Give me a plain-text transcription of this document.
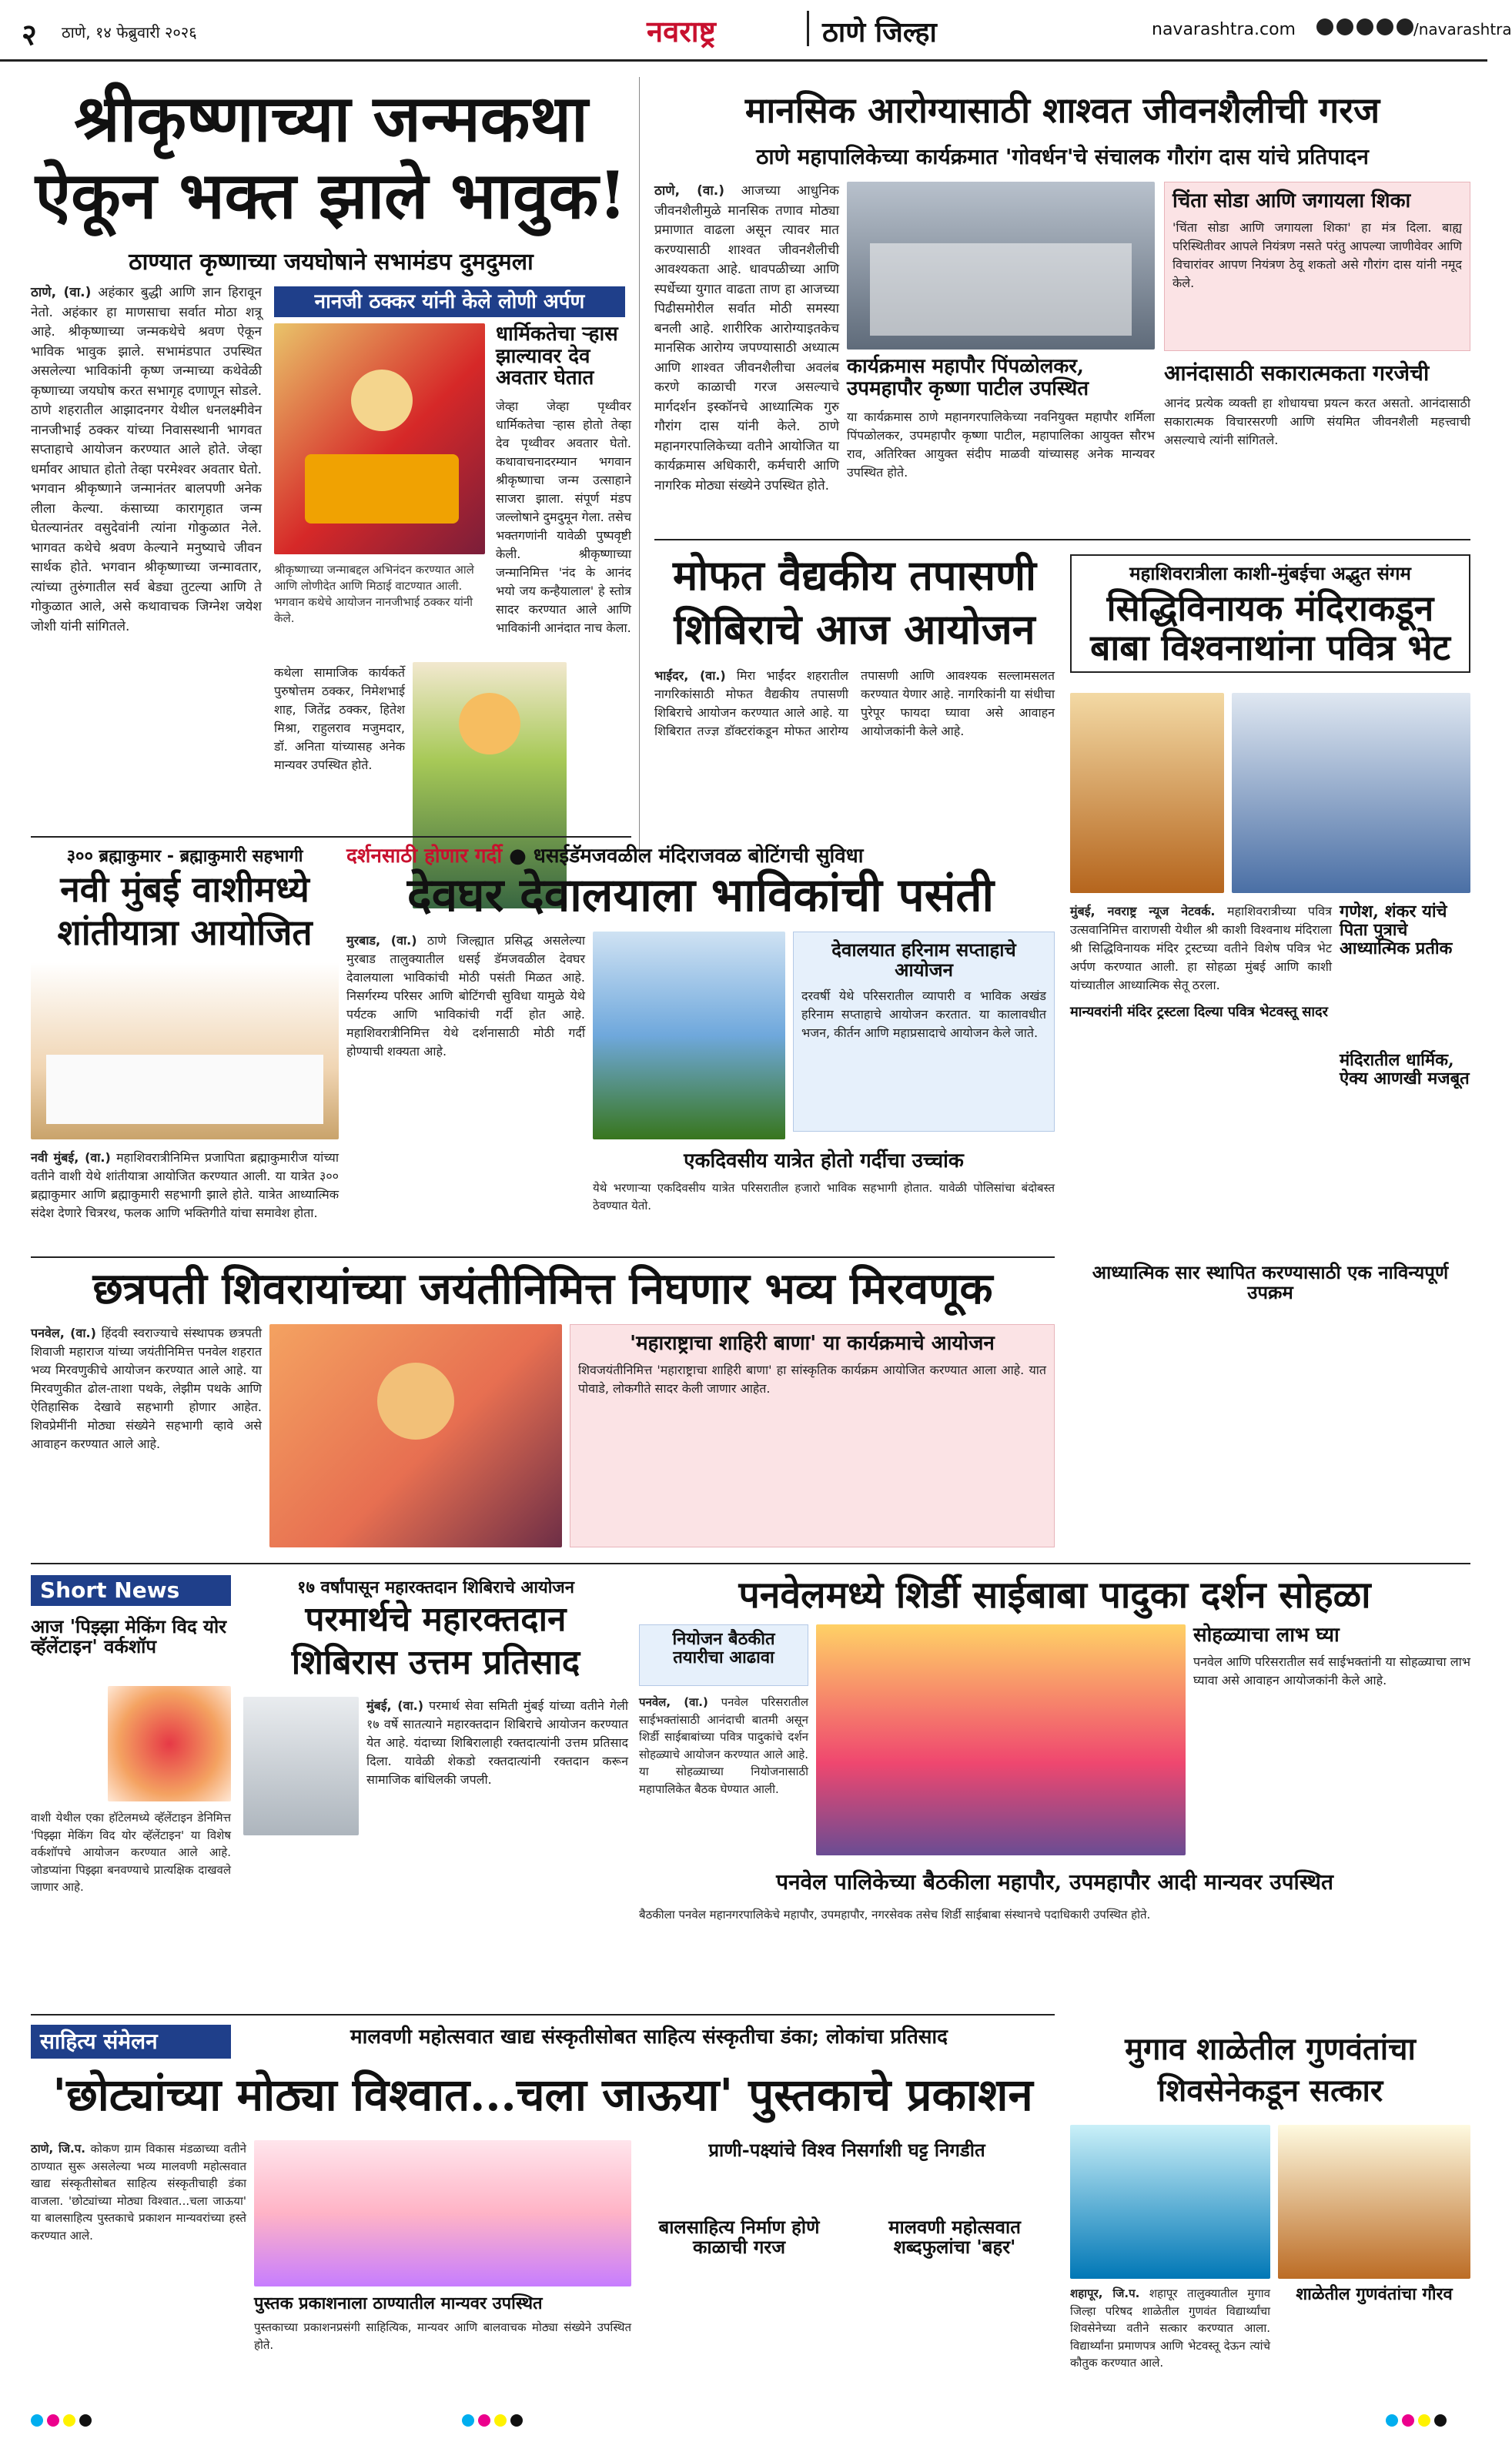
२ ठाणे, १४ फेब्रुवारी २०२६	नवराष्ट्र	ठाणे जिल्हा	navarashtra.com	/navarashtra
श्रीकृष्णाच्या जन्मकथा
ऐकून भक्त झाले भावुक!
ठाण्यात कृष्णाच्या जयघोषाने सभामंडप दुमदुमला

ठाणे, (वा.) अहंकार बुद्धी आणि ज्ञान हिरावून नेतो. अहंकार हा माणसाचा सर्वात मोठा शत्रू आहे. श्रीकृष्णाच्या जन्मकथेचे श्रवण ऐकून भाविक भावुक झाले. सभामंडपात उपस्थित असलेल्या भाविकांनी कृष्ण जन्माच्या कथेवेळी कृष्णाच्या जयघोष करत सभागृह दणाणून सोडले. ठाणे शहरातील आझादनगर येथील धनलक्ष्मीवेन नानजीभाई ठक्कर यांच्या निवासस्थानी भागवत सप्ताहाचे आयोजन करण्यात आले होते. जेव्हा धर्मावर आघात होतो तेव्हा परमेश्वर अवतार घेतो. भगवान श्रीकृष्णाने जन्मानंतर बालपणी अनेक लीला केल्या. कंसाच्या कारागृहात जन्म घेतल्यानंतर वसुदेवांनी त्यांना गोकुळात नेले. भागवत कथेचे श्रवण केल्याने मनुष्याचे जीवन सार्थक होते. भगवान श्रीकृष्णाच्या जन्मावतार, त्यांच्या तुरुंगातील सर्व बेड्या तुटल्या आणि ते गोकुळात आले, असे कथावाचक जिग्नेश जयेश जोशी यांनी सांगितले.

नानजी ठक्कर यांनी केले लोणी अर्पण
धार्मिकतेचा ऱ्हास झाल्यावर देव अवतार घेतात

जेव्हा जेव्हा पृथ्वीवर धार्मिकतेचा ऱ्हास होतो तेव्हा देव पृथ्वीवर अवतार घेतो. कथावाचनादरम्यान भगवान श्रीकृष्णाचा जन्म उत्साहाने साजरा झाला. संपूर्ण मंडप जल्लोषाने दुमदुमून गेला. तसेच भक्तगणांनी यावेळी पुष्पवृष्टी केली. श्रीकृष्णाच्या जन्मानिमित्त 'नंद के आनंद भयो जय कन्हैयालाल' हे स्तोत्र सादर करण्यात आले आणि भाविकांनी आनंदात नाच केला.

श्रीकृष्णाच्या जन्माबद्दल अभिनंदन करण्यात आले आणि लोणीदेत आणि मिठाई वाटण्यात आली. भगवान कथेचे आयोजन नानजीभाई ठक्कर यांनी केले.
कथेला सामाजिक कार्यकर्ते पुरुषोत्तम ठक्कर, निमेशभाई शाह, जितेंद्र ठक्कर, हितेश मिश्रा, राहुलराव मजुमदार, डॉ. अनिता यांच्यासह अनेक मान्यवर उपस्थित होते.
मानसिक आरोग्यासाठी शाश्वत जीवनशैलीची गरज
ठाणे महापालिकेच्या कार्यक्रमात 'गोवर्धन'चे संचालक गौरांग दास यांचे प्रतिपादन

ठाणे, (वा.) आजच्या आधुनिक जीवनशैलीमुळे मानसिक तणाव मोठ्या प्रमाणात वाढला असून त्यावर मात करण्यासाठी शाश्वत जीवनशैलीची आवश्यकता आहे. धावपळीच्या आणि स्पर्धेच्या युगात वाढता ताण हा आजच्या पिढीसमोरील सर्वात मोठी समस्या बनली आहे. शारीरिक आरोग्याइतकेच मानसिक आरोग्य जपण्यासाठी अध्यात्म आणि शाश्वत जीवनशैलीचा अवलंब करणे काळाची गरज असल्याचे मार्गदर्शन इस्कॉनचे आध्यात्मिक गुरु गौरांग दास यांनी केले. ठाणे महानगरपालिकेच्या वतीने आयोजित या कार्यक्रमास अधिकारी, कर्मचारी आणि नागरिक मोठ्या संख्येने उपस्थित होते.

कार्यक्रमास महापौर पिंपळोलकर, उपमहापौर कृष्णा पाटील उपस्थित
या कार्यक्रमास ठाणे महानगरपालिकेच्या नवनियुक्त महापौर शर्मिला पिंपळोलकर, उपमहापौर कृष्णा पाटील, महापालिका आयुक्त सौरभ राव, अतिरिक्त आयुक्त संदीप माळवी यांच्यासह अनेक मान्यवर उपस्थित होते.
चिंता सोडा आणि जगायला शिका

'चिंता सोडा आणि जगायला शिका' हा मंत्र दिला. बाह्य परिस्थितीवर आपले नियंत्रण नसते परंतु आपल्या जाणीवेवर आणि विचारांवर आपण नियंत्रण ठेवू शकतो असे गौरांग दास यांनी नमूद केले.

आनंदासाठी सकारात्मकता गरजेची

आनंद प्रत्येक व्यक्ती हा शोधायचा प्रयत्न करत असतो. आनंदासाठी सकारात्मक विचारसरणी आणि संयमित जीवनशैली महत्त्वाची असल्याचे त्यांनी सांगितले.

मोफत वैद्यकीय तपासणी
शिबिराचे आज आयोजन

भाईंदर, (वा.) मिरा भाईंदर शहरातील नागरिकांसाठी मोफत वैद्यकीय तपासणी शिबिराचे आयोजन करण्यात आले आहे. या शिबिरात तज्ज्ञ डॉक्टरांकडून मोफत आरोग्य तपासणी आणि आवश्यक सल्लामसलत करण्यात येणार आहे. नागरिकांनी या संधीचा पुरेपूर फायदा घ्यावा असे आवाहन आयोजकांनी केले आहे.

महाशिवरात्रीला काशी-मुंबईचा अद्भुत संगम
सिद्धिविनायक मंदिराकडून
बाबा विश्वनाथांना पवित्र भेट

मुंबई, नवराष्ट्र न्यूज नेटवर्क. महाशिवरात्रीच्या पवित्र उत्सवानिमित्त वाराणसी येथील श्री काशी विश्वनाथ मंदिराला श्री सिद्धिविनायक मंदिर ट्रस्टच्या वतीने विशेष पवित्र भेट अर्पण करण्यात आली. हा सोहळा मुंबई आणि काशी यांच्यातील आध्यात्मिक सेतू ठरला.

मान्यवरांनी मंदिर ट्रस्टला दिल्या पवित्र भेटवस्तू सादर
गणेश, शंकर यांचे पिता पुत्राचे आध्यात्मिक प्रतीक
मंदिरातील धार्मिक, ऐक्य आणखी मजबूत
आध्यात्मिक सार स्थापित करण्यासाठी एक नाविन्यपूर्ण उपक्रम
३०० ब्रह्माकुमार - ब्रह्माकुमारी सहभागी
नवी मुंबई वाशीमध्ये
शांतीयात्रा आयोजित

नवी मुंबई, (वा.) महाशिवरात्रीनिमित्त प्रजापिता ब्रह्माकुमारीज यांच्या वतीने वाशी येथे शांतीयात्रा आयोजित करण्यात आली. या यात्रेत ३०० ब्रह्माकुमार आणि ब्रह्माकुमारी सहभागी झाले होते. यात्रेत आध्यात्मिक संदेश देणारे चित्ररथ, फलक आणि भक्तिगीते यांचा समावेश होता.

दर्शनसाठी होणार गर्दी ● धसईडॅमजवळील मंदिराजवळ बोटिंगची सुविधा
देवघर देवालयाला भाविकांची पसंती

मुरबाड, (वा.) ठाणे जिल्ह्यात प्रसिद्ध असलेल्या मुरबाड तालुक्यातील धसई डॅमजवळील देवघर देवालयाला भाविकांची मोठी पसंती मिळत आहे. निसर्गरम्य परिसर आणि बोटिंगची सुविधा यामुळे येथे पर्यटक आणि भाविकांची गर्दी होत आहे. महाशिवरात्रीनिमित्त येथे दर्शनासाठी मोठी गर्दी होण्याची शक्यता आहे.

देवालयात हरिनाम सप्ताहाचे आयोजन

दरवर्षी येथे परिसरातील व्यापारी व भाविक अखंड हरिनाम सप्ताहाचे आयोजन करतात. या कालावधीत भजन, कीर्तन आणि महाप्रसादाचे आयोजन केले जाते.

एकदिवसीय यात्रेत होतो गर्दीचा उच्चांक

येथे भरणाऱ्या एकदिवसीय यात्रेत परिसरातील हजारो भाविक सहभागी होतात. यावेळी पोलिसांचा बंदोबस्त ठेवण्यात येतो.

छत्रपती शिवरायांच्या जयंतीनिमित्त निघणार भव्य मिरवणूक

पनवेल, (वा.) हिंदवी स्वराज्याचे संस्थापक छत्रपती शिवाजी महाराज यांच्या जयंतीनिमित्त पनवेल शहरात भव्य मिरवणुकीचे आयोजन करण्यात आले आहे. या मिरवणुकीत ढोल-ताशा पथके, लेझीम पथके आणि ऐतिहासिक देखावे सहभागी होणार आहेत. शिवप्रेमींनी मोठ्या संख्येने सहभागी व्हावे असे आवाहन करण्यात आले आहे.

'महाराष्ट्राचा शाहिरी बाणा' या कार्यक्रमाचे आयोजन

शिवजयंतीनिमित्त 'महाराष्ट्राचा शाहिरी बाणा' हा सांस्कृतिक कार्यक्रम आयोजित करण्यात आला आहे. यात पोवाडे, लोकगीते सादर केली जाणार आहेत.

Short News
आज 'पिझ्झा मेकिंग विद योर व्हॅलेंटाइन' वर्कशॉप

वाशी येथील एका हॉटेलमध्ये व्हॅलेंटाइन डेनिमित्त 'पिझ्झा मेकिंग विद योर व्हॅलेंटाइन' या विशेष वर्कशॉपचे आयोजन करण्यात आले आहे. जोडप्यांना पिझ्झा बनवण्याचे प्रात्यक्षिक दाखवले जाणार आहे.

१७ वर्षांपासून महारक्तदान शिबिराचे आयोजन
परमार्थचे महारक्तदान
शिबिरास उत्तम प्रतिसाद

मुंबई, (वा.) परमार्थ सेवा समिती मुंबई यांच्या वतीने गेली १७ वर्षे सातत्याने महारक्तदान शिबिराचे आयोजन करण्यात येत आहे. यंदाच्या शिबिरालाही रक्तदात्यांनी उत्तम प्रतिसाद दिला. यावेळी शेकडो रक्तदात्यांनी रक्तदान करून सामाजिक बांधिलकी जपली.

पनवेलमध्ये शिर्डी साईबाबा पादुका दर्शन सोहळा
नियोजन बैठकीत तयारीचा आढावा

पनवेल, (वा.) पनवेल परिसरातील साईभक्तांसाठी आनंदाची बातमी असून शिर्डी साईबाबांच्या पवित्र पादुकांचे दर्शन सोहळ्याचे आयोजन करण्यात आले आहे. या सोहळ्याच्या नियोजनासाठी महापालिकेत बैठक घेण्यात आली.

सोहळ्याचा लाभ घ्या

पनवेल आणि परिसरातील सर्व साईभक्तांनी या सोहळ्याचा लाभ घ्यावा असे आवाहन आयोजकांनी केले आहे.

पनवेल पालिकेच्या बैठकीला महापौर, उपमहापौर आदी मान्यवर उपस्थित

बैठकीला पनवेल महानगरपालिकेचे महापौर, उपमहापौर, नगरसेवक तसेच शिर्डी साईबाबा संस्थानचे पदाधिकारी उपस्थित होते.

साहित्य संमेलन	मालवणी महोत्सवात खाद्य संस्कृतीसोबत साहित्य संस्कृतीचा डंका; लोकांचा प्रतिसाद
'छोट्यांच्या मोठ्या विश्वात...चला जाऊया' पुस्तकाचे प्रकाशन

ठाणे, जि.प. कोकण ग्राम विकास मंडळाच्या वतीने ठाण्यात सुरू असलेल्या भव्य मालवणी महोत्सवात खाद्य संस्कृतीसोबत साहित्य संस्कृतीचाही डंका वाजला. 'छोट्यांच्या मोठ्या विश्वात...चला जाऊया' या बालसाहित्य पुस्तकाचे प्रकाशन मान्यवरांच्या हस्ते करण्यात आले.

पुस्तक प्रकाशनाला ठाण्यातील मान्यवर उपस्थित

पुस्तकाच्या प्रकाशनप्रसंगी साहित्यिक, मान्यवर आणि बालवाचक मोठ्या संख्येने उपस्थित होते.

प्राणी-पक्ष्यांचे विश्व निसर्गाशी घट्ट निगडीत
बालसाहित्य निर्माण होणे काळाची गरज
मालवणी महोत्सवात शब्दफुलांचा 'बहर'
मुगाव शाळेतील गुणवंतांचा
शिवसेनेकडून सत्कार
शाळेतील गुणवंतांचा गौरव

शहापूर, जि.प. शहापूर तालुक्यातील मुगाव जिल्हा परिषद शाळेतील गुणवंत विद्यार्थ्यांचा शिवसेनेच्या वतीने सत्कार करण्यात आला. विद्यार्थ्यांना प्रमाणपत्र आणि भेटवस्तू देऊन त्यांचे कौतुक करण्यात आले.
